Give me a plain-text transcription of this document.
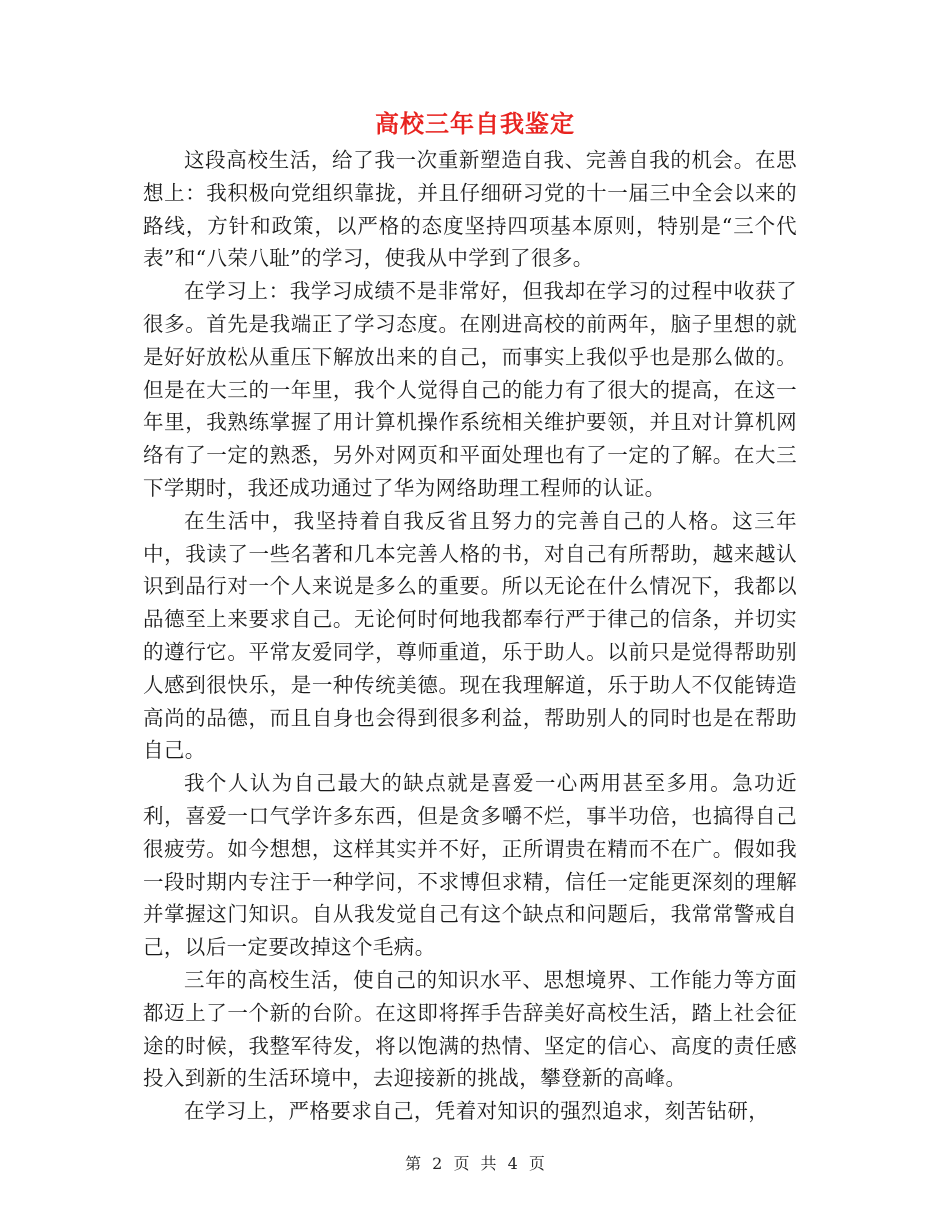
高校三年自我鉴定

这段高校生活，给了我一次重新塑造自我、完善自我的机会。在思想上：我积极向党组织靠拢，并且仔细研习党的十一届三中全会以来的路线，方针和政策，以严格的态度坚持四项基本原则，特别是“三个代表”和“八荣八耻”的学习，使我从中学到了很多。

在学习上：我学习成绩不是非常好，但我却在学习的过程中收获了很多。首先是我端正了学习态度。在刚进高校的前两年，脑子里想的就是好好放松从重压下解放出来的自己，而事实上我似乎也是那么做的。但是在大三的一年里，我个人觉得自己的能力有了很大的提高，在这一年里，我熟练掌握了用计算机操作系统相关维护要领，并且对计算机网络有了一定的熟悉，另外对网页和平面处理也有了一定的了解。在大三下学期时，我还成功通过了华为网络助理工程师的认证。

在生活中，我坚持着自我反省且努力的完善自己的人格。这三年中，我读了一些名著和几本完善人格的书，对自己有所帮助，越来越认识到品行对一个人来说是多么的重要。所以无论在什么情况下，我都以品德至上来要求自己。无论何时何地我都奉行严于律己的信条，并切实的遵行它。平常友爱同学，尊师重道，乐于助人。以前只是觉得帮助别人感到很快乐，是一种传统美德。现在我理解道，乐于助人不仅能铸造高尚的品德，而且自身也会得到很多利益，帮助别人的同时也是在帮助自己。

我个人认为自己最大的缺点就是喜爱一心两用甚至多用。急功近利，喜爱一口气学许多东西，但是贪多嚼不烂，事半功倍，也搞得自己很疲劳。如今想想，这样其实并不好，正所谓贵在精而不在广。假如我一段时期内专注于一种学问，不求博但求精，信任一定能更深刻的理解并掌握这门知识。自从我发觉自己有这个缺点和问题后，我常常警戒自己，以后一定要改掉这个毛病。

三年的高校生活，使自己的知识水平、思想境界、工作能力等方面都迈上了一个新的台阶。在这即将挥手告辞美好高校生活，踏上社会征途的时候，我整军待发，将以饱满的热情、坚定的信心、高度的责任感投入到新的生活环境中，去迎接新的挑战，攀登新的高峰。

在学习上，严格要求自己，凭着对知识的强烈追求，刻苦钻研，

第 2 页 共 4 页
